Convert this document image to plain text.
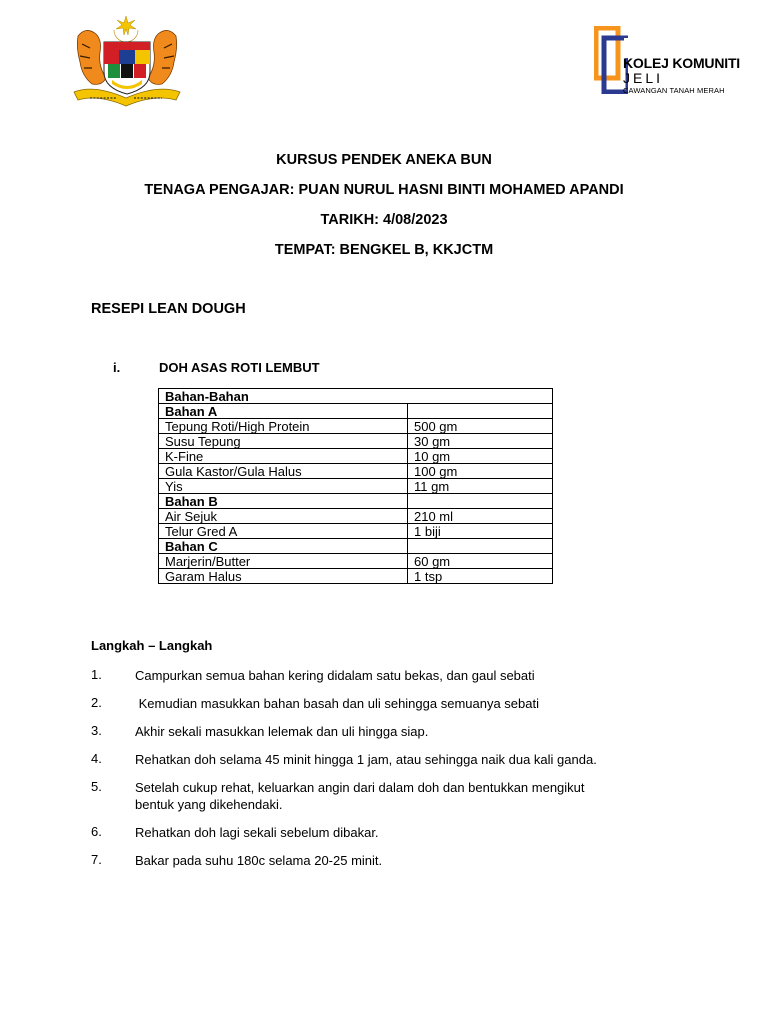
KOLEJ KOMUNITI
JELI
CAWANGAN TANAH MERAH
KURSUS PENDEK ANEKA BUN
TENAGA PENGAJAR: PUAN NURUL HASNI BINTI MOHAMED APANDI
TARIKH: 4/08/2023
TEMPAT: BENGKEL B, KKJCTM
RESEPI LEAN DOUGH
i.	DOH ASAS ROTI LEMBUT
Bahan-Bahan	
Bahan A	
Tepung Roti/High Protein	500 gm
Susu Tepung	30 gm
K-Fine	10 gm
Gula Kastor/Gula Halus	100 gm
Yis	11 gm
Bahan B	
Air Sejuk	210 ml
Telur Gred A	1 biji
Bahan C	
Marjerin/Butter	60 gm
Garam Halus	1 tsp
Langkah – Langkah
1.	Campurkan semua bahan kering didalam satu bekas, dan gaul sebati
2.	Kemudian masukkan bahan basah dan uli sehingga semuanya sebati
3.	Akhir sekali masukkan lelemak dan uli hingga siap.
4.	Rehatkan doh selama 45 minit hingga 1 jam, atau sehingga naik dua kali ganda.
5.	Setelah cukup rehat, keluarkan angin dari dalam doh dan bentukkan mengikut bentuk yang dikehendaki.
6.	Rehatkan doh lagi sekali sebelum dibakar.
7.	Bakar pada suhu 180c selama 20-25 minit.
